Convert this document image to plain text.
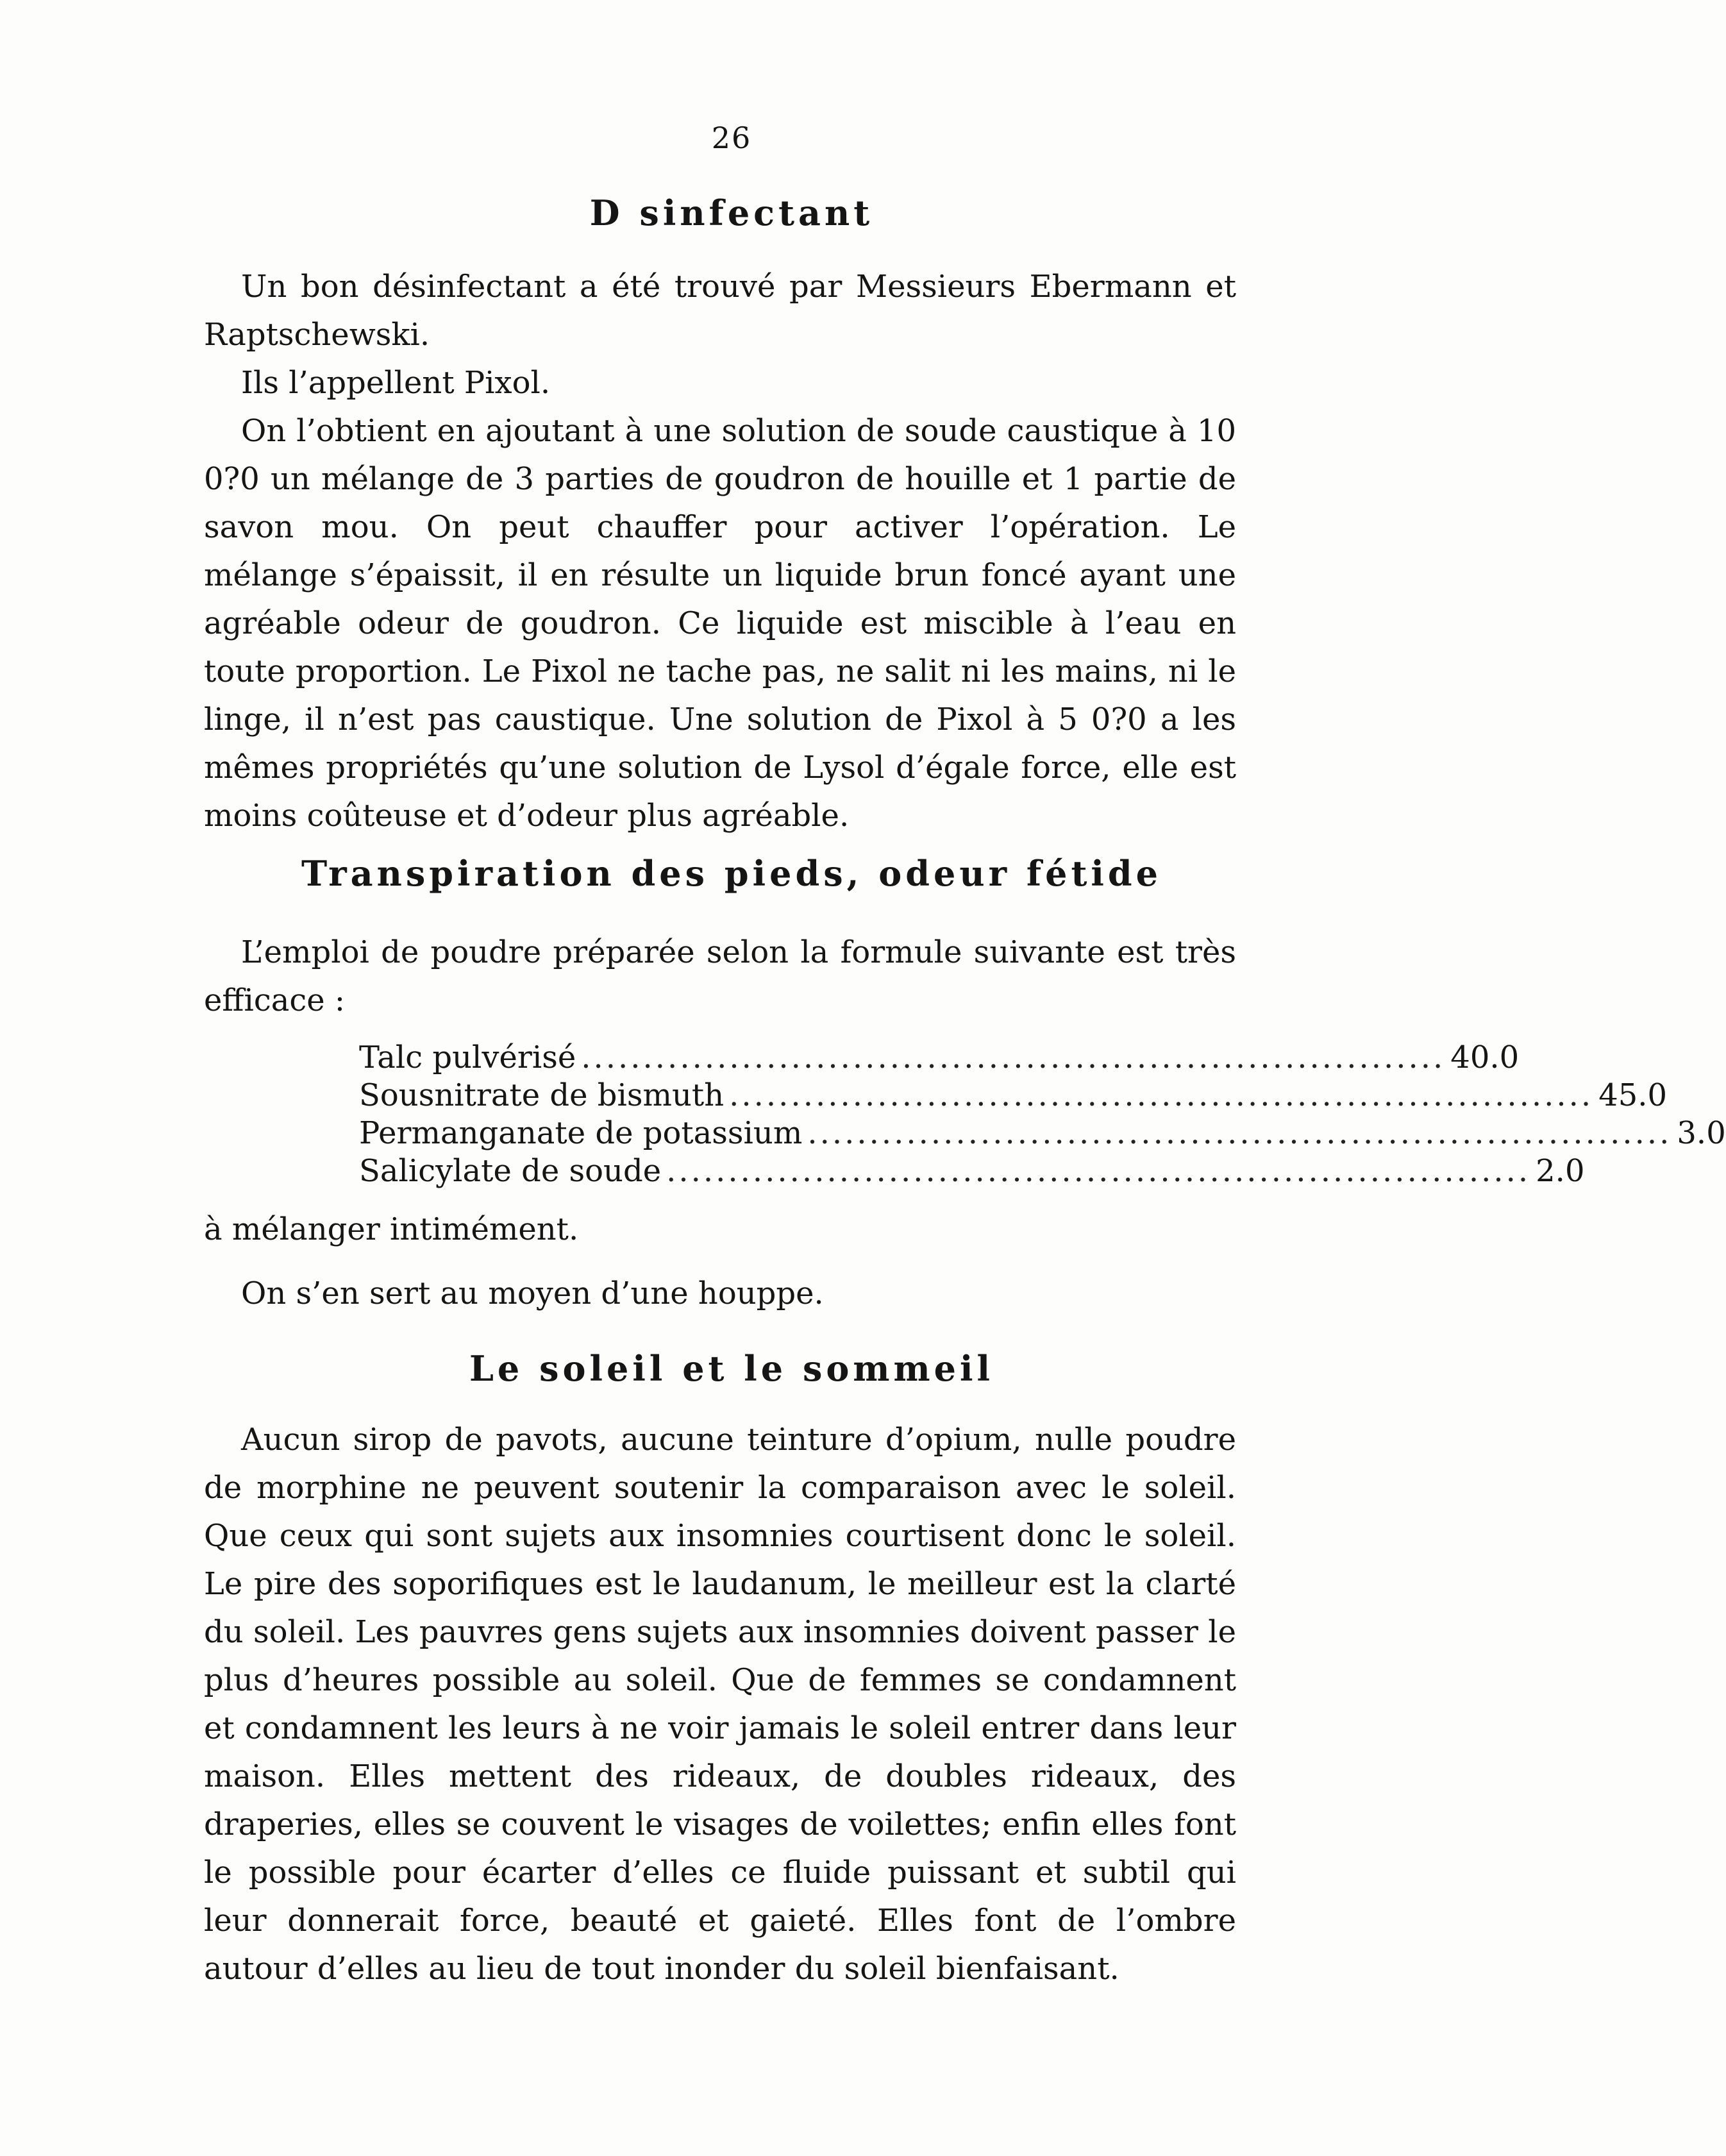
26
D sinfectant

Un bon désinfectant a été trouvé par Messieurs Ebermann et Raptschewski.

Ils l’appellent Pixol.

On l’obtient en ajoutant à une solution de soude caustique à 10 0?0 un mélange de 3 parties de goudron de houille et 1 partie de savon mou. On peut chauffer pour activer l’opération. Le mélange s’épaissit, il en résulte un liquide brun foncé ayant une agréable odeur de goudron. Ce liquide est miscible à l’eau en toute proportion. Le Pixol ne tache pas, ne salit ni les mains, ni le linge, il n’est pas caustique. Une solution de Pixol à 5 0?0 a les mêmes propriétés qu’une solution de Lysol d’égale force, elle est moins coûteuse et d’odeur plus agréable.

Transpiration des pieds, odeur fétide

L’emploi de poudre préparée selon la formule suivante est très efficace :

Talc pulvérisé ...................................................................... 40.0
Sousnitrate de bismuth ...................................................................... 45.0
Permanganate de potassium ...................................................................... 3.0
Salicylate de soude ...................................................................... 2.0

à mélanger intimément.

On s’en sert au moyen d’une houppe.

Le soleil et le sommeil

Aucun sirop de pavots, aucune teinture d’opium, nulle poudre de morphine ne peuvent soutenir la comparaison avec le soleil. Que ceux qui sont sujets aux insomnies courtisent donc le soleil. Le pire des soporifiques est le laudanum, le meilleur est la clarté du soleil. Les pauvres gens sujets aux insomnies doivent passer le plus d’heures possible au soleil. Que de femmes se condamnent et condamnent les leurs à ne voir jamais le soleil entrer dans leur maison. Elles mettent des rideaux, de doubles rideaux, des draperies, elles se couvent le visages de voilettes; enfin elles font le possible pour écarter d’elles ce fluide puissant et subtil qui leur donnerait force, beauté et gaieté. Elles font de l’ombre autour d’elles au lieu de tout inonder du soleil bienfaisant.
